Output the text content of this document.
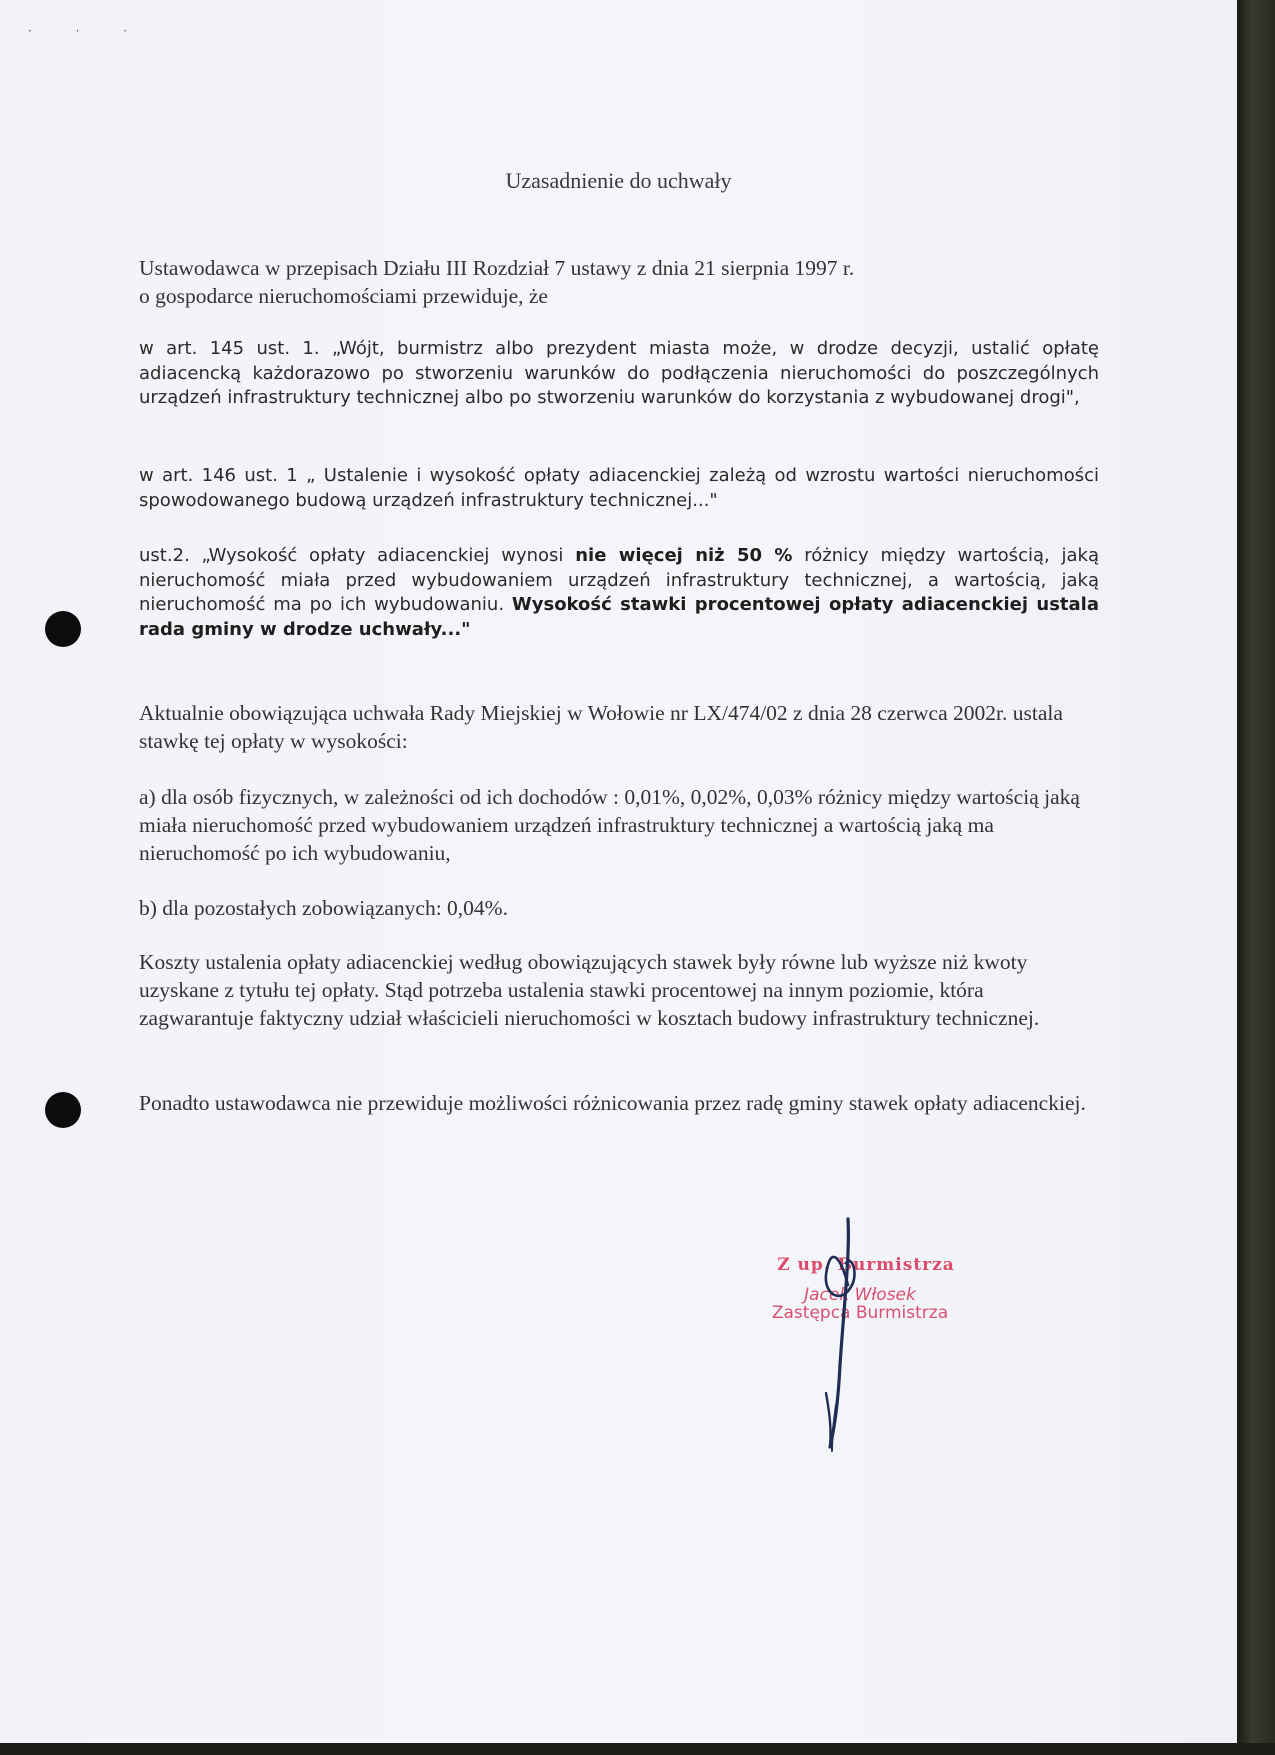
· · ·
Uzasadnienie do uchwały
Ustawodawca w przepisach Działu III Rozdział 7 ustawy z dnia 21 sierpnia 1997 r.
o gospodarce nieruchomościami przewiduje, że
w art. 145 ust. 1. „Wójt, burmistrz albo prezydent miasta może, w drodze decyzji, ustalić opłatę adiacencką każdorazowo po stworzeniu warunków do podłączenia nieruchomości do poszczególnych urządzeń infrastruktury technicznej albo po stworzeniu warunków do korzystania z wybudowanej drogi",
w art. 146 ust. 1 „ Ustalenie i wysokość opłaty adiacenckiej zależą od wzrostu wartości nieruchomości spowodowanego budową urządzeń infrastruktury technicznej..."
ust.2. „Wysokość opłaty adiacenckiej wynosi nie więcej niż 50 % różnicy między wartością, jaką nieruchomość miała przed wybudowaniem urządzeń infrastruktury technicznej, a wartością, jaką nieruchomość ma po ich wybudowaniu. Wysokość stawki procentowej opłaty adiacenckiej ustala rada gminy w drodze uchwały..."
Aktualnie obowiązująca uchwała Rady Miejskiej w Wołowie nr LX/474/02 z dnia 28 czerwca 2002r. ustala stawkę tej opłaty w wysokości:
a) dla osób fizycznych, w zależności od ich dochodów : 0,01%, 0,02%, 0,03% różnicy między wartością jaką miała nieruchomość przed wybudowaniem urządzeń infrastruktury technicznej a wartością jaką ma nieruchomość po ich wybudowaniu,
b) dla pozostałych zobowiązanych: 0,04%.
Koszty ustalenia opłaty adiacenckiej według obowiązujących stawek były równe lub wyższe niż kwoty uzyskane z tytułu tej opłaty. Stąd potrzeba ustalenia stawki procentowej na innym poziomie, która zagwarantuje faktyczny udział właścicieli nieruchomości w kosztach budowy infrastruktury technicznej.
Ponadto ustawodawca nie przewiduje możliwości różnicowania przez radę gminy stawek opłaty adiacenckiej.
Z up. Burmistrza
Jacek Włosek
Zastępca Burmistrza
